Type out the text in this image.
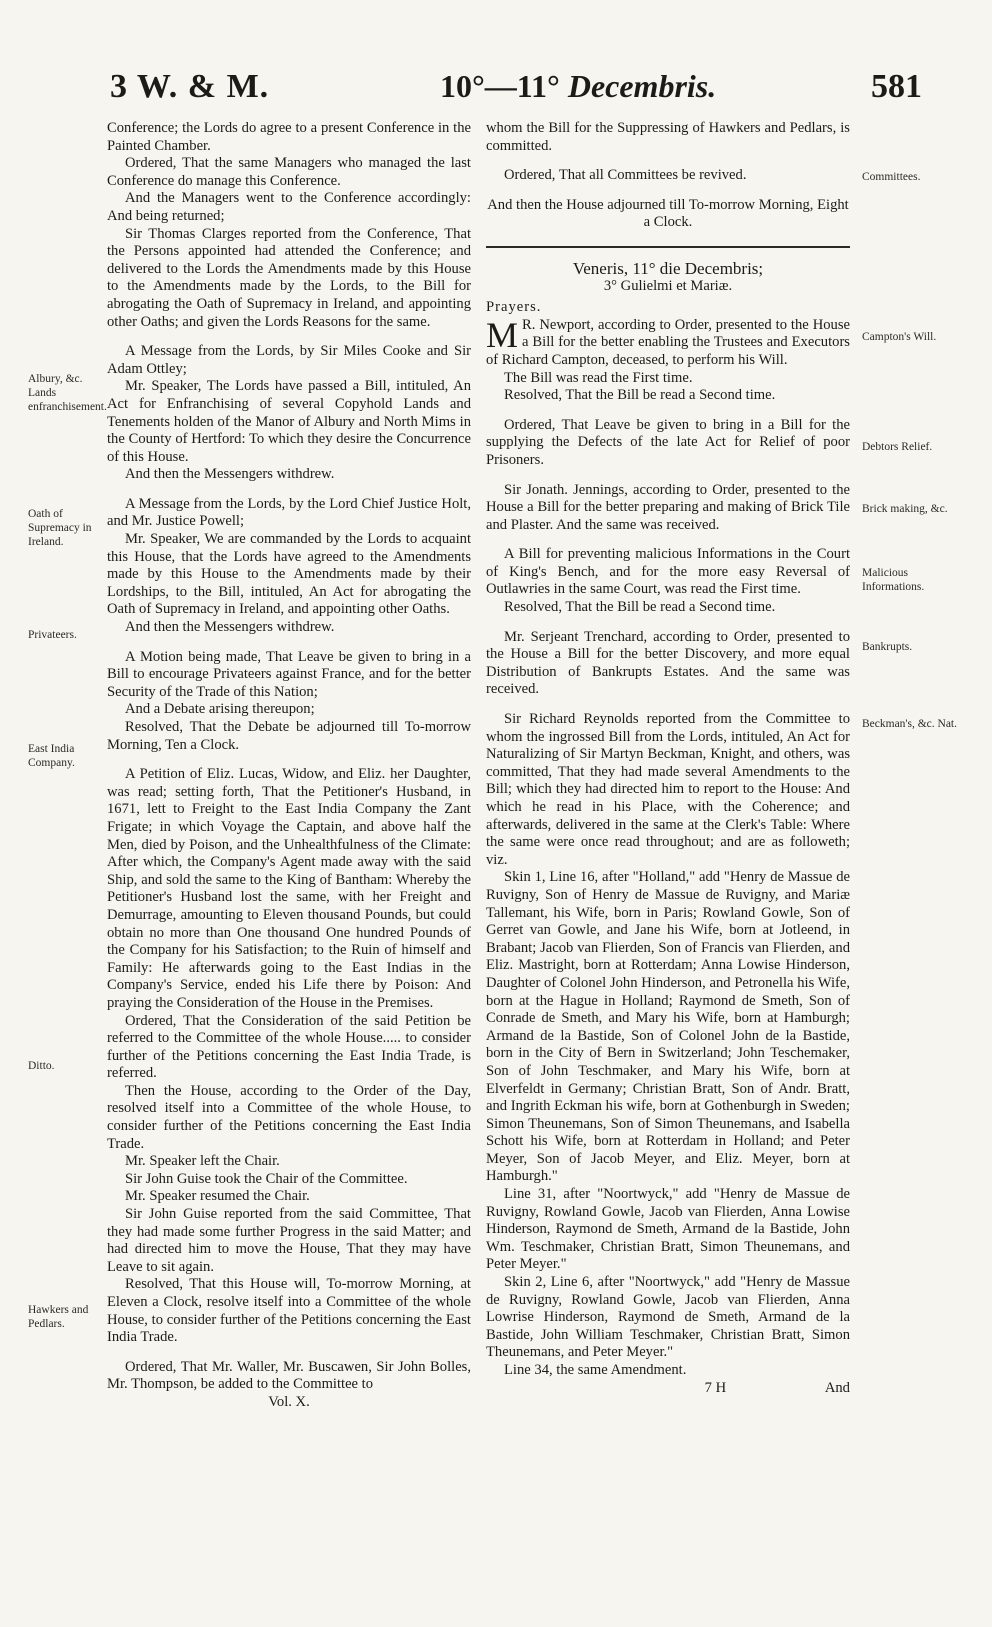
3 W. & M.	10°—11° Decembris.	581
Albury, &c. Lands enfranchisement.
Oath of Supremacy in Ireland.
Privateers.
East India Company.
Ditto.
Hawkers and Pedlars.
Committees.
Campton's Will.
Debtors Relief.
Brick making, &c.
Malicious Informations.
Bankrupts.
Beckman's, &c. Nat.

Conference; the Lords do agree to a present Conference in the Painted Chamber.

Ordered, That the same Managers who managed the last Conference do manage this Conference.

And the Managers went to the Conference accordingly: And being returned;

Sir Thomas Clarges reported from the Conference, That the Persons appointed had attended the Conference; and delivered to the Lords the Amendments made by this House to the Amendments made by the Lords, to the Bill for abrogating the Oath of Supremacy in Ireland, and appointing other Oaths; and given the Lords Reasons for the same.

A Message from the Lords, by Sir Miles Cooke and Sir Adam Ottley;

Mr. Speaker, The Lords have passed a Bill, intituled, An Act for Enfranchising of several Copyhold Lands and Tenements holden of the Manor of Albury and North Mims in the County of Hertford: To which they desire the Concurrence of this House.

And then the Messengers withdrew.

A Message from the Lords, by the Lord Chief Justice Holt, and Mr. Justice Powell;

Mr. Speaker, We are commanded by the Lords to acquaint this House, that the Lords have agreed to the Amendments made by this House to the Amendments made by their Lordships, to the Bill, intituled, An Act for abrogating the Oath of Supremacy in Ireland, and appointing other Oaths.

And then the Messengers withdrew.

A Motion being made, That Leave be given to bring in a Bill to encourage Privateers against France, and for the better Security of the Trade of this Nation;

And a Debate arising thereupon;

Resolved, That the Debate be adjourned till To-morrow Morning, Ten a Clock.

A Petition of Eliz. Lucas, Widow, and Eliz. her Daughter, was read; setting forth, That the Petitioner's Husband, in 1671, lett to Freight to the East India Company the Zant Frigate; in which Voyage the Captain, and above half the Men, died by Poison, and the Unhealthfulness of the Climate: After which, the Company's Agent made away with the said Ship, and sold the same to the King of Bantham: Whereby the Petitioner's Husband lost the same, with her Freight and Demurrage, amounting to Eleven thousand Pounds, but could obtain no more than One thousand One hundred Pounds of the Company for his Satisfaction; to the Ruin of himself and Family: He afterwards going to the East Indias in the Company's Service, ended his Life there by Poison: And praying the Consideration of the House in the Premises.

Ordered, That the Consideration of the said Petition be referred to the Committee of the whole House..... to consider further of the Petitions concerning the East India Trade, is referred.

Then the House, according to the Order of the Day, resolved itself into a Committee of the whole House, to consider further of the Petitions concerning the East India Trade.

Mr. Speaker left the Chair.

Sir John Guise took the Chair of the Committee.

Mr. Speaker resumed the Chair.

Sir John Guise reported from the said Committee, That they had made some further Progress in the said Matter; and had directed him to move the House, That they may have Leave to sit again.

Resolved, That this House will, To-morrow Morning, at Eleven a Clock, resolve itself into a Committee of the whole House, to consider further of the Petitions concerning the East India Trade.

Ordered, That Mr. Waller, Mr. Buscawen, Sir John Bolles, Mr. Thompson, be added to the Committee to

Vol. X.

whom the Bill for the Suppressing of Hawkers and Pedlars, is committed.

Ordered, That all Committees be revived.

And then the House adjourned till To-morrow Morning, Eight a Clock.

Veneris, 11° die Decembris;

3° Gulielmi et Mariæ.

Prayers.

M R. Newport, according to Order, presented to the House a Bill for the better enabling the Trustees and Executors of Richard Campton, deceased, to perform his Will.

The Bill was read the First time.

Resolved, That the Bill be read a Second time.

Ordered, That Leave be given to bring in a Bill for the supplying the Defects of the late Act for Relief of poor Prisoners.

Sir Jonath. Jennings, according to Order, presented to the House a Bill for the better preparing and making of Brick Tile and Plaster. And the same was received.

A Bill for preventing malicious Informations in the Court of King's Bench, and for the more easy Reversal of Outlawries in the same Court, was read the First time.

Resolved, That the Bill be read a Second time.

Mr. Serjeant Trenchard, according to Order, presented to the House a Bill for the better Discovery, and more equal Distribution of Bankrupts Estates. And the same was received.

Sir Richard Reynolds reported from the Committee to whom the ingrossed Bill from the Lords, intituled, An Act for Naturalizing of Sir Martyn Beckman, Knight, and others, was committed, That they had made several Amendments to the Bill; which they had directed him to report to the House: And which he read in his Place, with the Coherence; and afterwards, delivered in the same at the Clerk's Table: Where the same were once read throughout; and are as followeth; viz.

Skin 1, Line 16, after "Holland," add "Henry de Massue de Ruvigny, Son of Henry de Massue de Ruvigny, and Mariæ Tallemant, his Wife, born in Paris; Rowland Gowle, Son of Gerret van Gowle, and Jane his Wife, born at Jotleend, in Brabant; Jacob van Flierden, Son of Francis van Flierden, and Eliz. Mastright, born at Rotterdam; Anna Lowise Hinderson, Daughter of Colonel John Hinderson, and Petronella his Wife, born at the Hague in Holland; Raymond de Smeth, Son of Conrade de Smeth, and Mary his Wife, born at Hamburgh; Armand de la Bastide, Son of Colonel John de la Bastide, born in the City of Bern in Switzerland; John Teschemaker, Son of John Teschmaker, and Mary his Wife, born at Elverfeldt in Germany; Christian Bratt, Son of Andr. Bratt, and Ingrith Eckman his wife, born at Gothenburgh in Sweden; Simon Theunemans, Son of Simon Theunemans, and Isabella Schott his Wife, born at Rotterdam in Holland; and Peter Meyer, Son of Jacob Meyer, and Eliz. Meyer, born at Hamburgh."

Line 31, after "Noortwyck," add "Henry de Massue de Ruvigny, Rowland Gowle, Jacob van Flierden, Anna Lowise Hinderson, Raymond de Smeth, Armand de la Bastide, John Wm. Teschmaker, Christian Bratt, Simon Theunemans, and Peter Meyer."

Skin 2, Line 6, after "Noortwyck," add "Henry de Massue de Ruvigny, Rowland Gowle, Jacob van Flierden, Anna Lowrise Hinderson, Raymond de Smeth, Armand de la Bastide, John William Teschmaker, Christian Bratt, Simon Theunemans, and Peter Meyer."

Line 34, the same Amendment.

7 H	And
